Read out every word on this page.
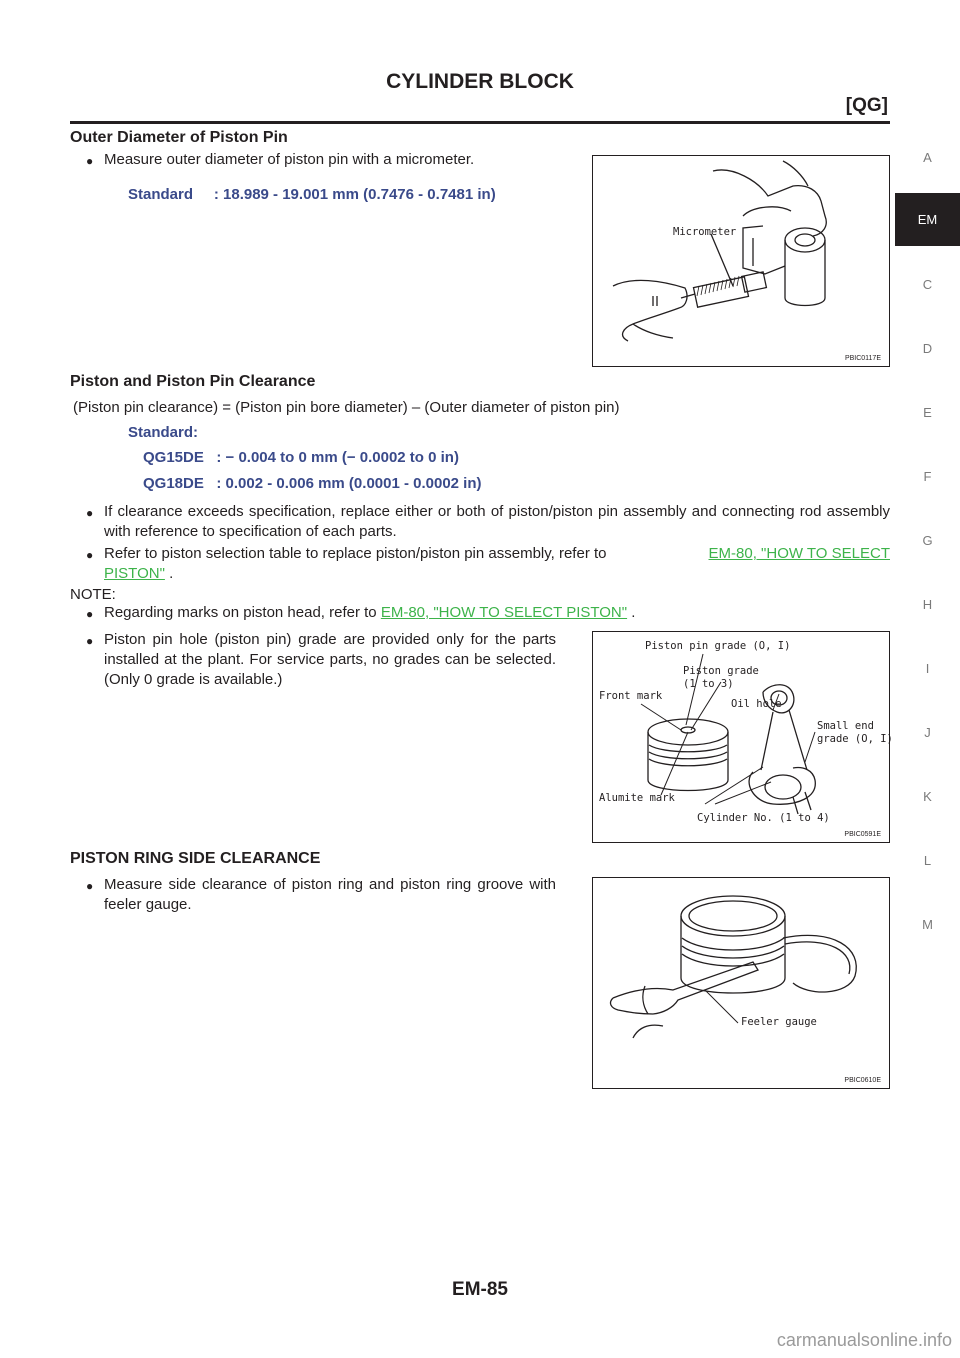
CYLINDER BLOCK
[QG]
Outer Diameter of Piston Pin
● Measure outer diameter of piston pin with a micrometer.
Standard     : 18.989 - 19.001 mm (0.7476 - 0.7481 in)
Micrometer
PBIC0117E
Piston and Piston Pin Clearance
(Piston pin clearance) = (Piston pin bore diameter) – (Outer diameter of piston pin)
Standard:
QG15DE   : − 0.004 to 0 mm (− 0.0002 to 0 in)
QG18DE   : 0.002 - 0.006 mm (0.0001 - 0.0002 in)
● If clearance exceeds specification, replace either or both of piston/piston pin assembly and connecting rod assembly with reference to specification of each parts.
● Refer to piston selection table to replace piston/piston pin assembly, refer to	EM-80, "HOW TO SELECT
PISTON" .
NOTE:
● Regarding marks on piston head, refer to EM-80, "HOW TO SELECT PISTON" .
● Piston pin hole (piston pin) grade are provided only for the parts installed at the plant. For service parts, no grades can be selected. (Only 0 grade is available.)
Piston pin grade (O, I)
Piston grade
(1 to 3)
Front mark
Oil hole
Small end
grade (O, I)
Alumite mark
Cylinder No. (1 to 4)
PBIC0591E
PISTON RING SIDE CLEARANCE
● Measure side clearance of piston ring and piston ring groove with feeler gauge.
Feeler gauge
PBIC0610E
A
EM
C
D
E
F
G
H
I
J
K
L
M
EM-85
carmanualsonline.info
